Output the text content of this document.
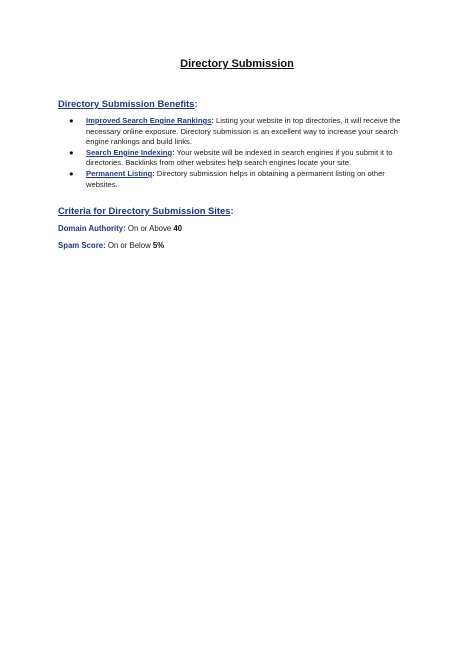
Directory Submission
Directory Submission Benefits:
● Improved Search Engine Rankings: Listing your website in top directories, it will receive the necessary online exposure. Directory submission is an excellent way to increase your search engine rankings and build links.
● Search Engine Indexing: Your website will be indexed in search engines if you submit it to directories. Backlinks from other websites help search engines locate your site.
● Permanent Listing: Directory submission helps in obtaining a permanent listing on other websites.
Criteria for Directory Submission Sites:
Domain Authority: On or Above 40
Spam Score: On or Below 5%
